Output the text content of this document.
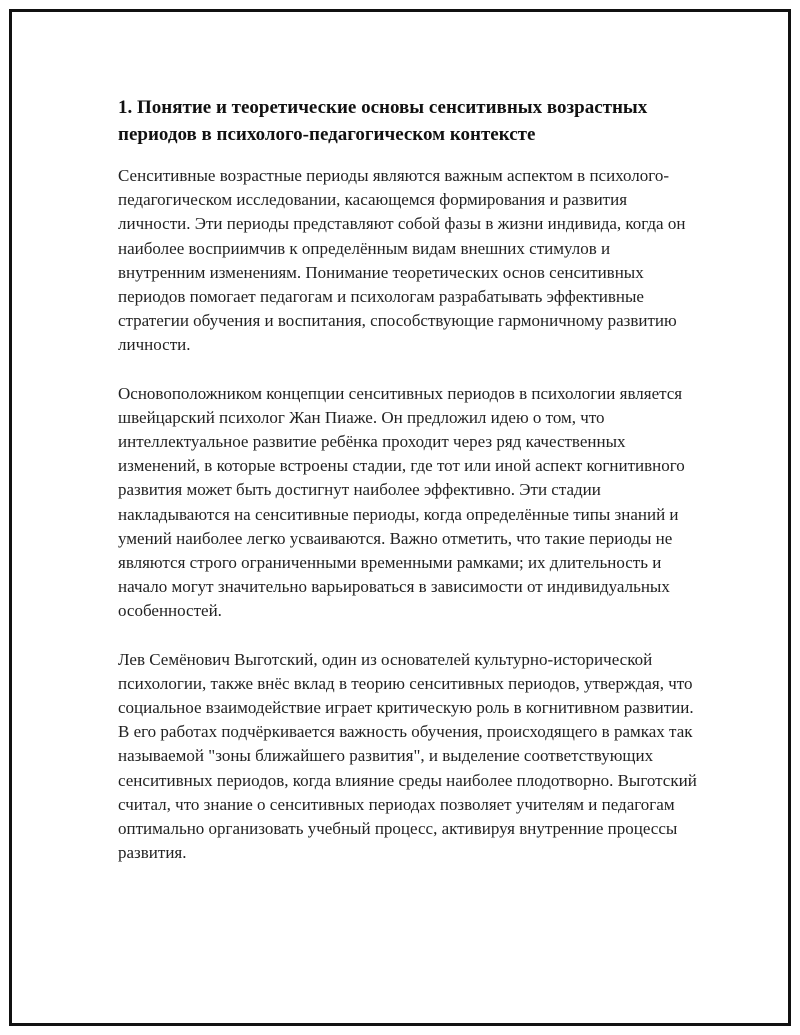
1. Понятие и теоретические основы сенситивных возрастных периодов в психолого-педагогическом контексте

Сенситивные возрастные периоды являются важным аспектом в психолого-педагогическом исследовании, касающемся формирования и развития личности. Эти периоды представляют собой фазы в жизни индивида, когда он наиболее восприимчив к определённым видам внешних стимулов и внутренним изменениям. Понимание теоретических основ сенситивных периодов помогает педагогам и психологам разрабатывать эффективные стратегии обучения и воспитания, способствующие гармоничному развитию личности.

Основоположником концепции сенситивных периодов в психологии является швейцарский психолог Жан Пиаже. Он предложил идею о том, что интеллектуальное развитие ребёнка проходит через ряд качественных изменений, в которые встроены стадии, где тот или иной аспект когнитивного развития может быть достигнут наиболее эффективно. Эти стадии накладываются на сенситивные периоды, когда определённые типы знаний и умений наиболее легко усваиваются. Важно отметить, что такие периоды не являются строго ограниченными временными рамками; их длительность и начало могут значительно варьироваться в зависимости от индивидуальных особенностей.

Лев Семёнович Выготский, один из основателей культурно-исторической психологии, также внёс вклад в теорию сенситивных периодов, утверждая, что социальное взаимодействие играет критическую роль в когнитивном развитии. В его работах подчёркивается важность обучения, происходящего в рамках так называемой "зоны ближайшего развития", и выделение соответствующих сенситивных периодов, когда влияние среды наиболее плодотворно. Выготский считал, что знание о сенситивных периодах позволяет учителям и педагогам оптимально организовать учебный процесс, активируя внутренние процессы развития.
